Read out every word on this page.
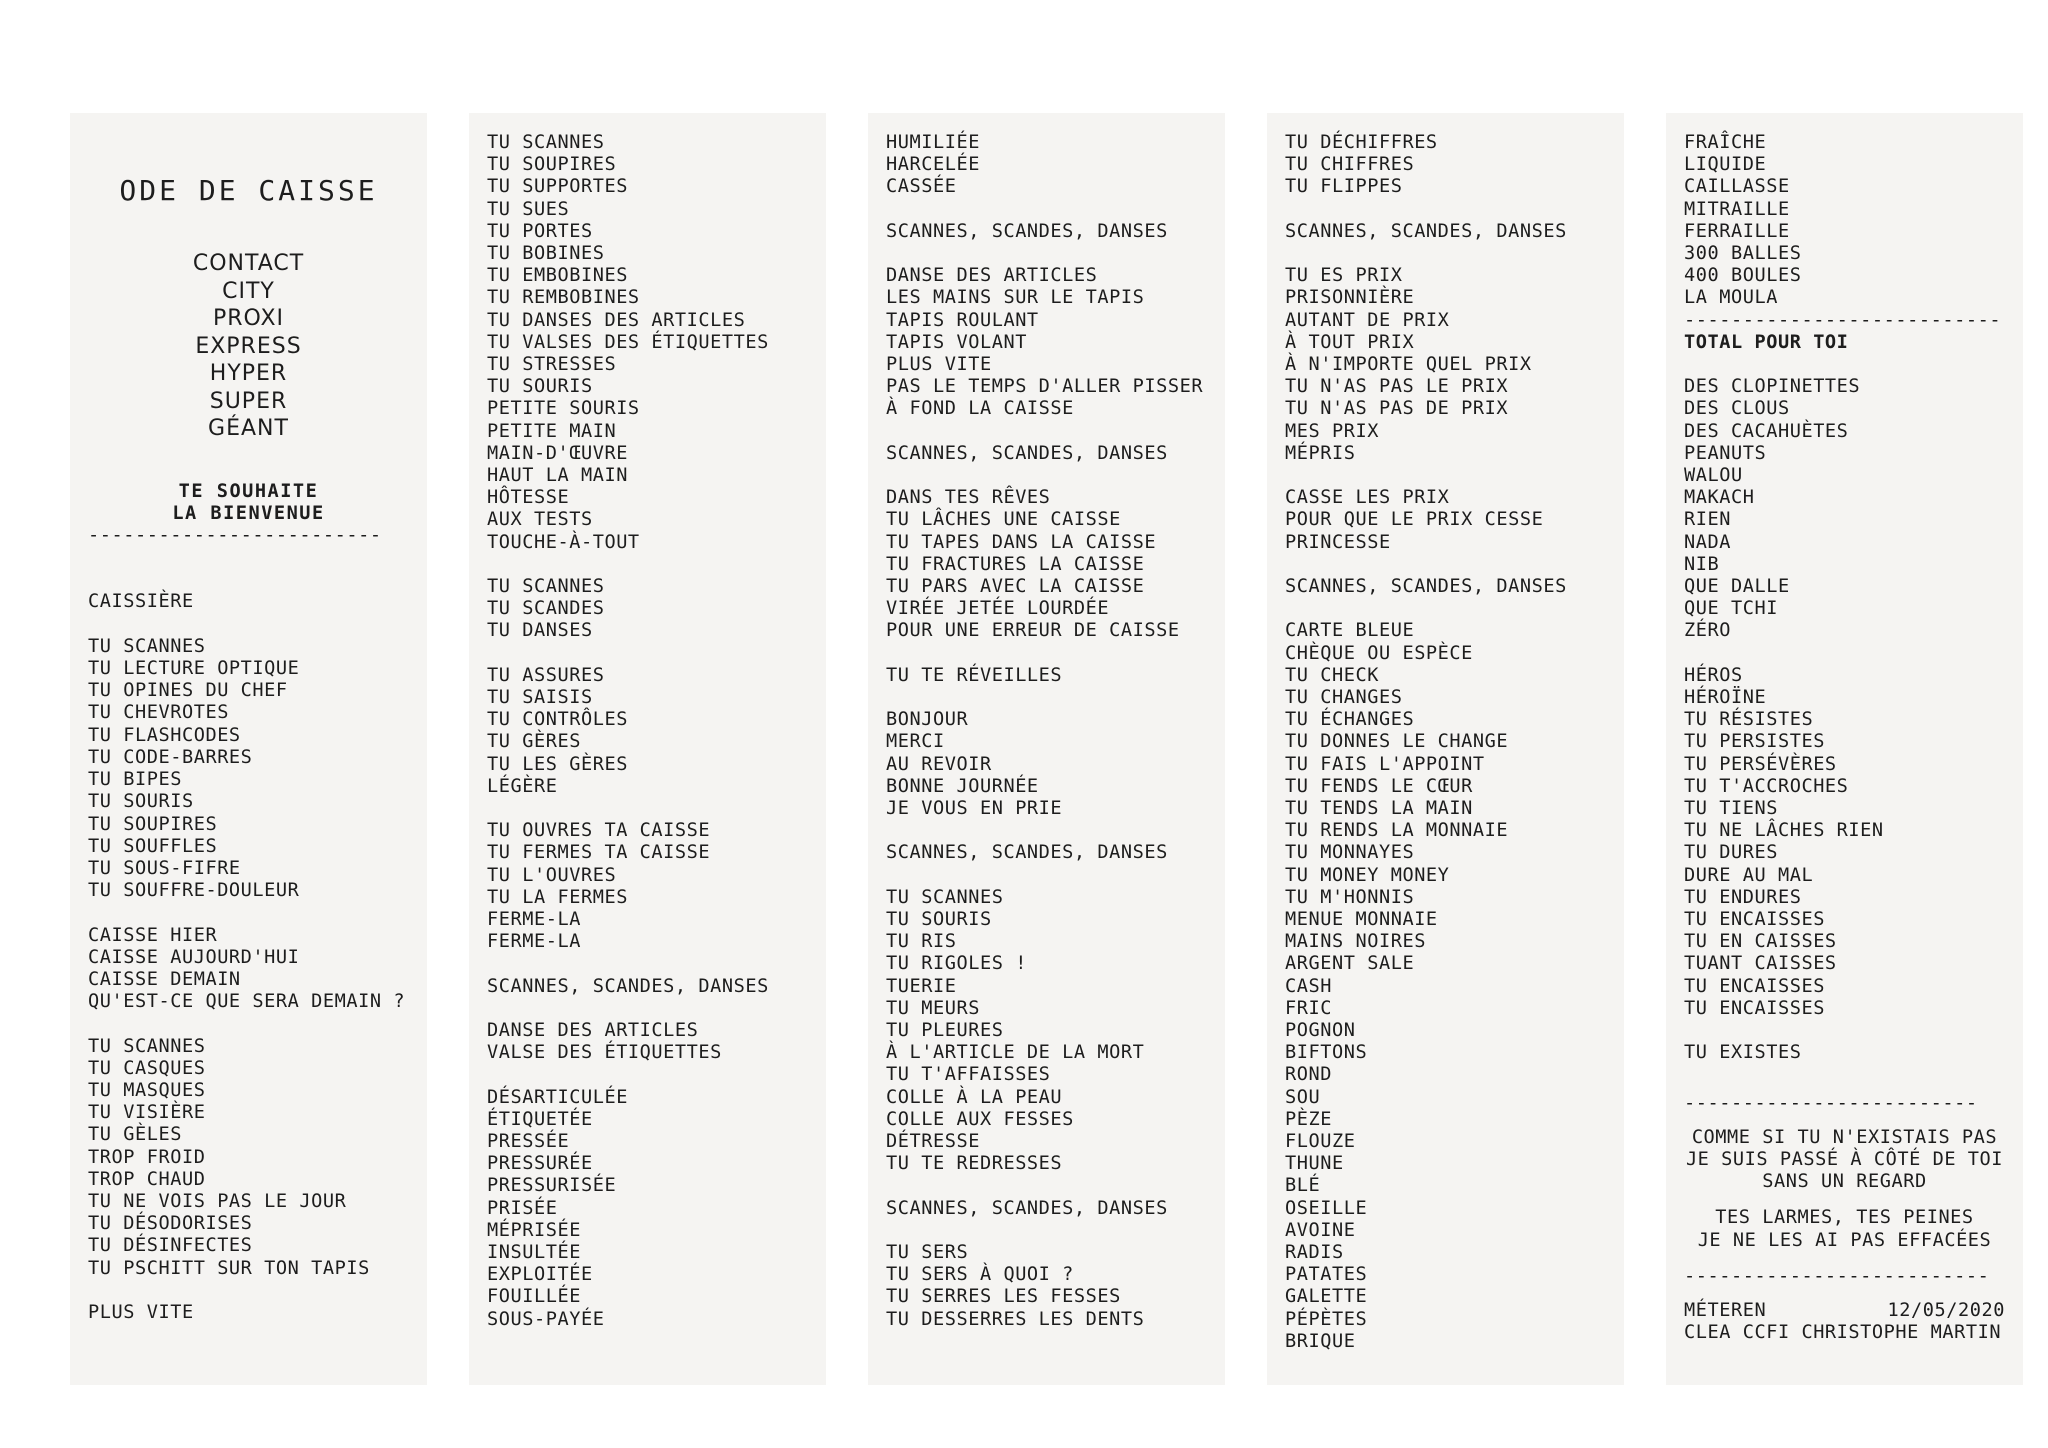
ODE DE CAISSE
CONTACT
CITY
PROXI
EXPRESS
HYPER
SUPER
GÉANT
TE SOUHAITE
LA BIENVENUE
-------------------------
CAISSIÈRE
TU SCANNES
TU LECTURE OPTIQUE
TU OPINES DU CHEF
TU CHEVROTES
TU FLASHCODES
TU CODE-BARRES
TU BIPES
TU SOURIS
TU SOUPIRES
TU SOUFFLES
TU SOUS-FIFRE
TU SOUFFRE-DOULEUR
CAISSE HIER
CAISSE AUJOURD'HUI
CAISSE DEMAIN
QU'EST-CE QUE SERA DEMAIN ?
TU SCANNES
TU CASQUES
TU MASQUES
TU VISIÈRE
TU GÈLES
TROP FROID
TROP CHAUD
TU NE VOIS PAS LE JOUR
TU DÉSODORISES
TU DÉSINFECTES
TU PSCHITT SUR TON TAPIS
PLUS VITE
TU SCANNES
TU SOUPIRES
TU SUPPORTES
TU SUES
TU PORTES
TU BOBINES
TU EMBOBINES
TU REMBOBINES
TU DANSES DES ARTICLES
TU VALSES DES ÉTIQUETTES
TU STRESSES
TU SOURIS
PETITE SOURIS
PETITE MAIN
MAIN-D'ŒUVRE
HAUT LA MAIN
HÔTESSE
AUX TESTS
TOUCHE-À-TOUT
TU SCANNES
TU SCANDES
TU DANSES
TU ASSURES
TU SAISIS
TU CONTRÔLES
TU GÈRES
TU LES GÈRES
LÉGÈRE
TU OUVRES TA CAISSE
TU FERMES TA CAISSE
TU L'OUVRES
TU LA FERMES
FERME-LA
FERME-LA
SCANNES, SCANDES, DANSES
DANSE DES ARTICLES
VALSE DES ÉTIQUETTES
DÉSARTICULÉE
ÉTIQUETÉE
PRESSÉE
PRESSURÉE
PRESSURISÉE
PRISÉE
MÉPRISÉE
INSULTÉE
EXPLOITÉE
FOUILLÉE
SOUS-PAYÉE
HUMILIÉE
HARCELÉE
CASSÉE
SCANNES, SCANDES, DANSES
DANSE DES ARTICLES
LES MAINS SUR LE TAPIS
TAPIS ROULANT
TAPIS VOLANT
PLUS VITE
PAS LE TEMPS D'ALLER PISSER
À FOND LA CAISSE
SCANNES, SCANDES, DANSES
DANS TES RÊVES
TU LÂCHES UNE CAISSE
TU TAPES DANS LA CAISSE
TU FRACTURES LA CAISSE
TU PARS AVEC LA CAISSE
VIRÉE JETÉE LOURDÉE
POUR UNE ERREUR DE CAISSE
TU TE RÉVEILLES
BONJOUR
MERCI
AU REVOIR
BONNE JOURNÉE
JE VOUS EN PRIE
SCANNES, SCANDES, DANSES
TU SCANNES
TU SOURIS
TU RIS
TU RIGOLES !
TUERIE
TU MEURS
TU PLEURES
À L'ARTICLE DE LA MORT
TU T'AFFAISSES
COLLE À LA PEAU
COLLE AUX FESSES
DÉTRESSE
TU TE REDRESSES
SCANNES, SCANDES, DANSES
TU SERS
TU SERS À QUOI ?
TU SERRES LES FESSES
TU DESSERRES LES DENTS
TU DÉCHIFFRES
TU CHIFFRES
TU FLIPPES
SCANNES, SCANDES, DANSES
TU ES PRIX
PRISONNIÈRE
AUTANT DE PRIX
À TOUT PRIX
À N'IMPORTE QUEL PRIX
TU N'AS PAS LE PRIX
TU N'AS PAS DE PRIX
MES PRIX
MÉPRIS
CASSE LES PRIX
POUR QUE LE PRIX CESSE
PRINCESSE
SCANNES, SCANDES, DANSES
CARTE BLEUE
CHÈQUE OU ESPÈCE
TU CHECK
TU CHANGES
TU ÉCHANGES
TU DONNES LE CHANGE
TU FAIS L'APPOINT
TU FENDS LE CŒUR
TU TENDS LA MAIN
TU RENDS LA MONNAIE
TU MONNAYES
TU MONEY MONEY
TU M'HONNIS
MENUE MONNAIE
MAINS NOIRES
ARGENT SALE
CASH
FRIC
POGNON
BIFTONS
ROND
SOU
PÈZE
FLOUZE
THUNE
BLÉ
OSEILLE
AVOINE
RADIS
PATATES
GALETTE
PÉPÈTES
BRIQUE
FRAÎCHE
LIQUIDE
CAILLASSE
MITRAILLE
FERRAILLE
300 BALLES
400 BOULES
LA MOULA
---------------------------
TOTAL POUR TOI
DES CLOPINETTES
DES CLOUS
DES CACAHUÈTES
PEANUTS
WALOU
MAKACH
RIEN
NADA
NIB
QUE DALLE
QUE TCHI
ZÉRO
HÉROS
HÉROÏNE
TU RÉSISTES
TU PERSISTES
TU PERSÉVÈRES
TU T'ACCROCHES
TU TIENS
TU NE LÂCHES RIEN
TU DURES
DURE AU MAL
TU ENDURES
TU ENCAISSES
TU EN CAISSES
TUANT CAISSES
TU ENCAISSES
TU ENCAISSES
TU EXISTES
-------------------------
COMME SI TU N'EXISTAIS PAS
JE SUIS PASSÉ À CÔTÉ DE TOI
SANS UN REGARD
TES LARMES, TES PEINES
JE NE LES AI PAS EFFACÉES
--------------------------
MÉTEREN	12/05/2020
CLEA CCFI CHRISTOPHE MARTIN
